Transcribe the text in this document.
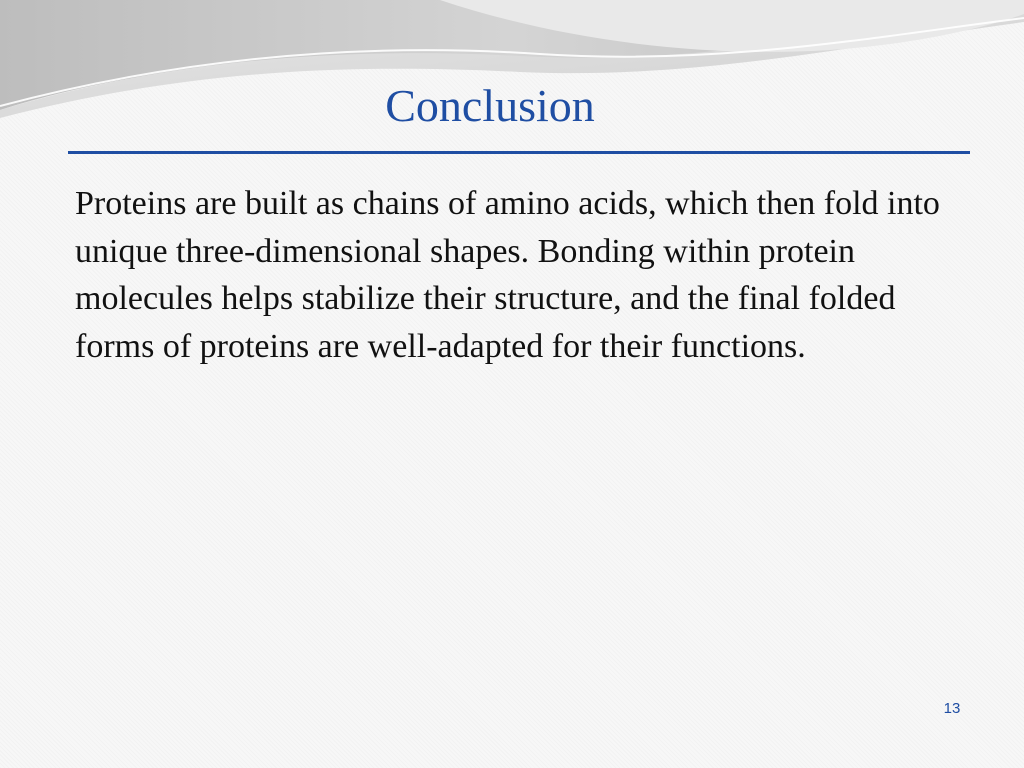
Conclusion

Proteins are built as chains of amino acids, which then fold into unique three-dimensional shapes. Bonding within protein molecules helps stabilize their structure, and the final folded forms of proteins are well-adapted for their functions.

13
